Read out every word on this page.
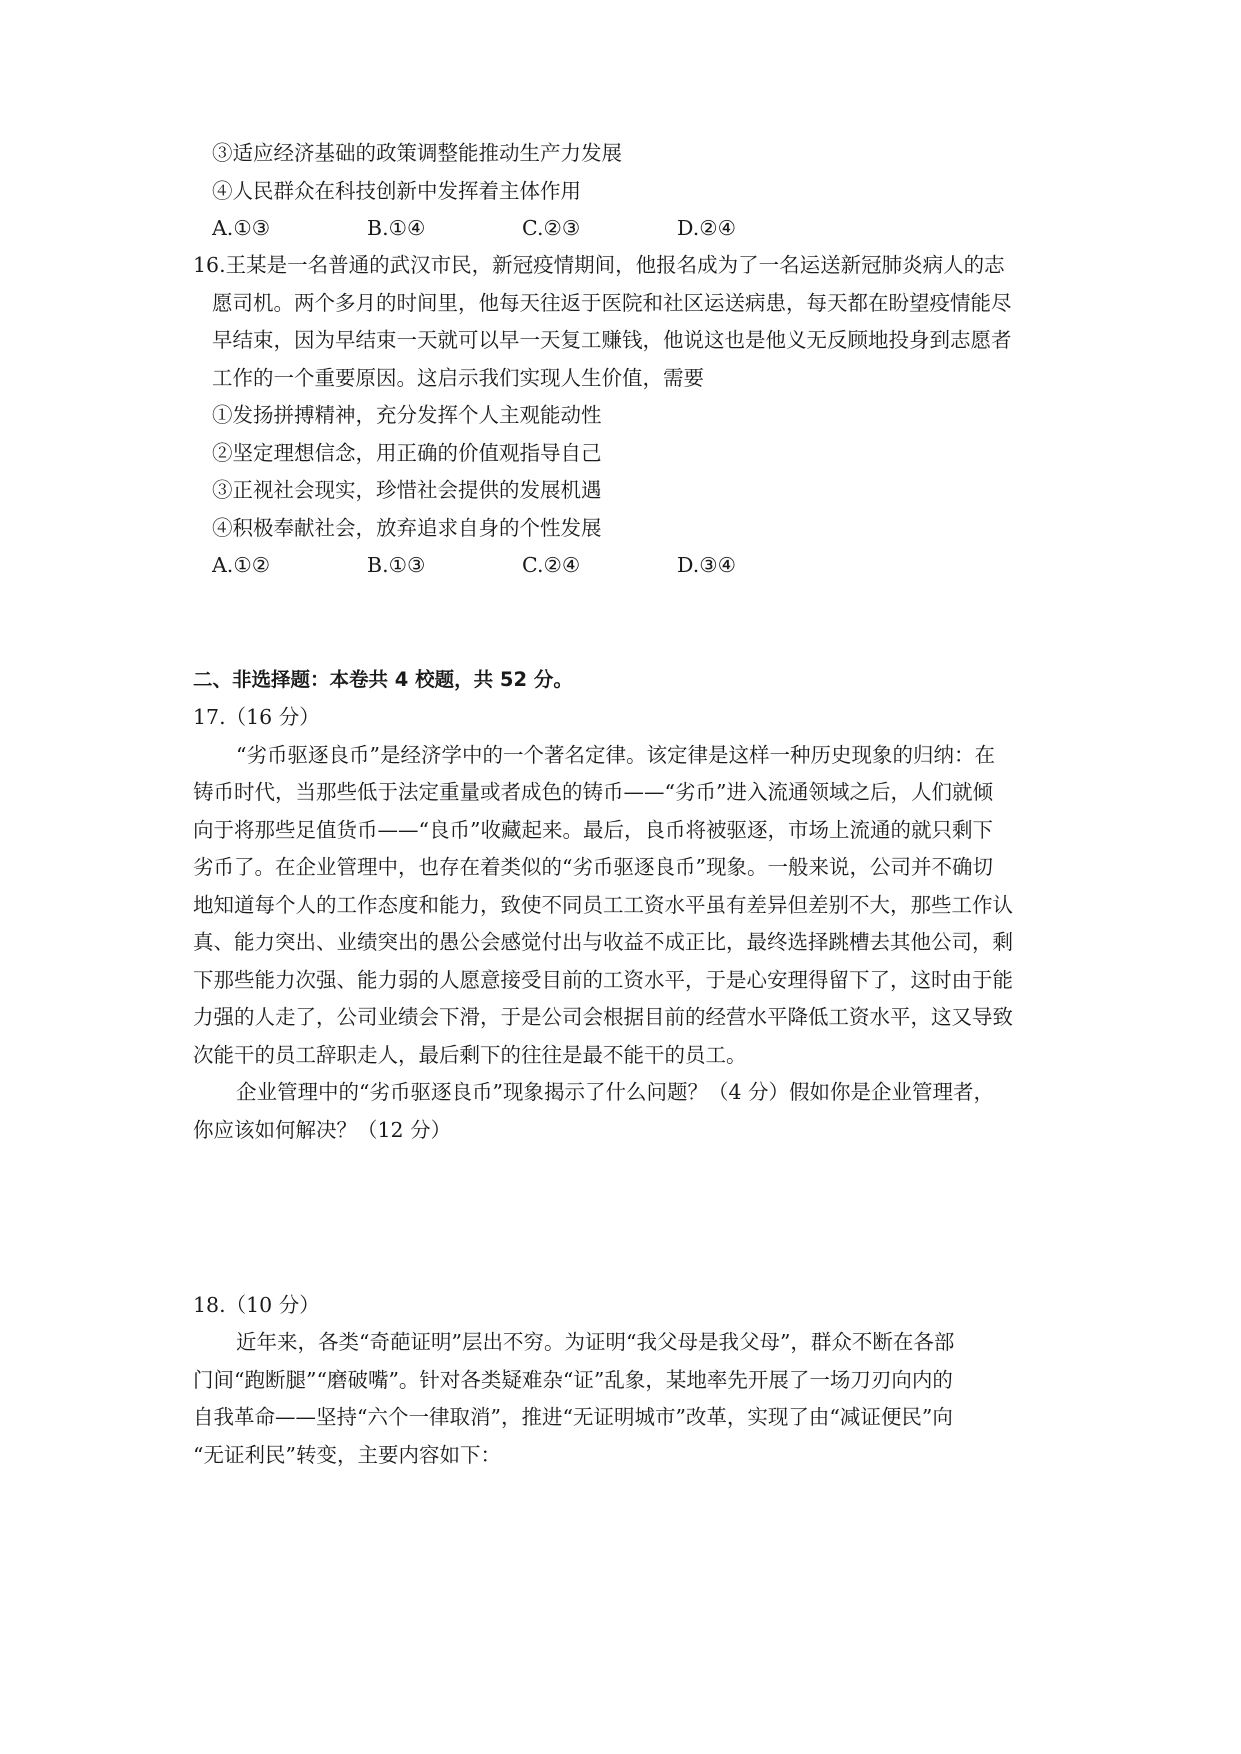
③适应经济基础的政策调整能推动生产力发展
④人民群众在科技创新中发挥着主体作用
A.①③	B.①④	C.②③	D.②④
16.王某是一名普通的武汉市民，新冠疫情期间，他报名成为了一名运送新冠肺炎病人的志
愿司机。两个多月的时间里，他每天往返于医院和社区运送病患，每天都在盼望疫情能尽
早结束，因为早结束一天就可以早一天复工赚钱，他说这也是他义无反顾地投身到志愿者
工作的一个重要原因。这启示我们实现人生价值，需要
①发扬拼搏精神，充分发挥个人主观能动性
②坚定理想信念，用正确的价值观指导自己
③正视社会现实，珍惜社会提供的发展机遇
④积极奉献社会，放弃追求自身的个性发展
A.①②	B.①③	C.②④	D.③④
二、非选择题：本卷共 4 校题，共 52 分。
17.（16 分）
“劣币驱逐良币”是经济学中的一个著名定律。该定律是这样一种历史现象的归纳：在
铸币时代，当那些低于法定重量或者成色的铸币——“劣币”进入流通领域之后，人们就倾
向于将那些足值货币——“良币”收藏起来。最后，良币将被驱逐，市场上流通的就只剩下
劣币了。在企业管理中，也存在着类似的“劣币驱逐良币”现象。一般来说，公司并不确切
地知道每个人的工作态度和能力，致使不同员工工资水平虽有差异但差别不大，那些工作认
真、能力突出、业绩突出的愚公会感觉付出与收益不成正比，最终选择跳槽去其他公司，剩
下那些能力次强、能力弱的人愿意接受目前的工资水平，于是心安理得留下了，这时由于能
力强的人走了，公司业绩会下滑，于是公司会根据目前的经营水平降低工资水平，这又导致
次能干的员工辞职走人，最后剩下的往往是最不能干的员工。
企业管理中的“劣币驱逐良币”现象揭示了什么问题？（4 分）假如你是企业管理者，
你应该如何解决？（12 分）
18.（10 分）
近年来，各类“奇葩证明”层出不穷。为证明“我父母是我父母”，群众不断在各部
门间“跑断腿”“磨破嘴”。针对各类疑难杂“证”乱象，某地率先开展了一场刀刃向内的
自我革命——坚持“六个一律取消”，推进“无证明城市”改革，实现了由“减证便民”向
“无证利民”转变，主要内容如下：
